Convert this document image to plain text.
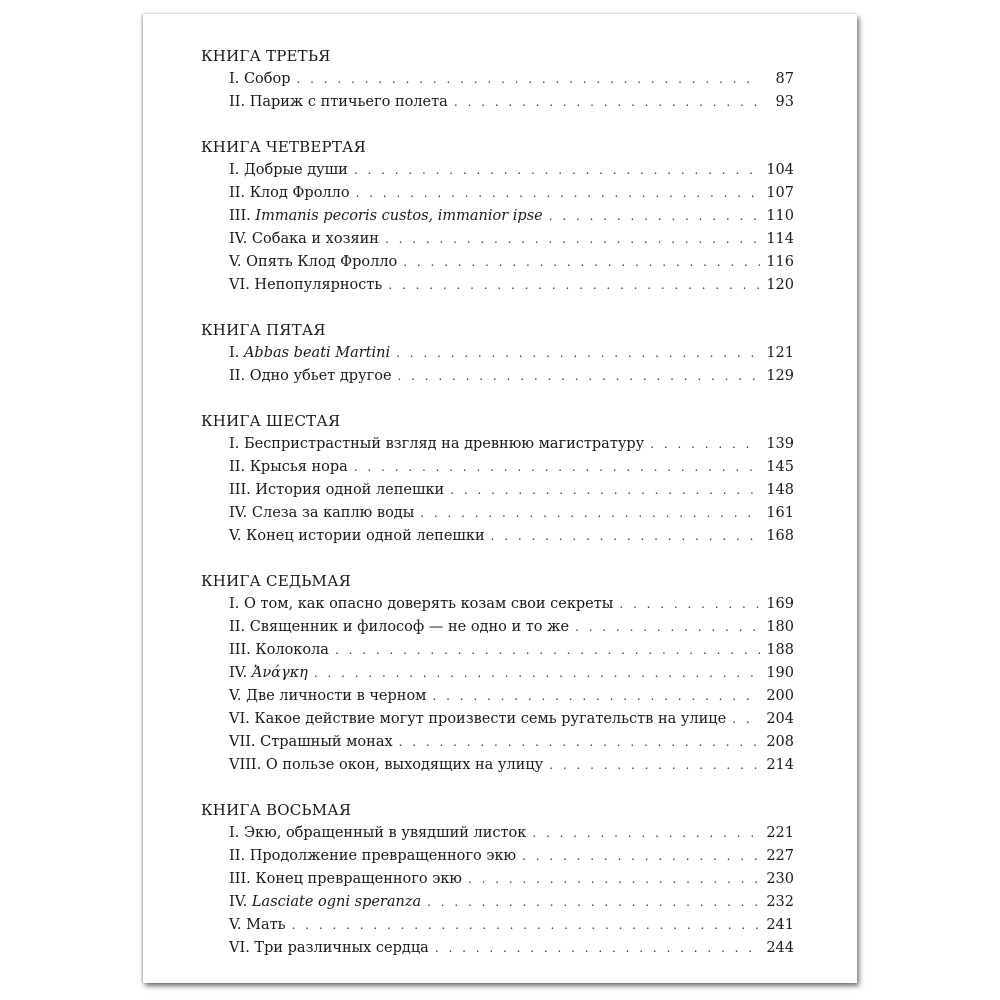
КНИГА ТРЕТЬЯ
I. Собор . . .	87
II. Париж с птичьего полета . . .	93
КНИГА ЧЕТВЕРТАЯ
I. Добрые души . . .	104
II. Клод Фролло . . .	107
III. Immanis pecoris custos, immanior ipse . . .	110
IV. Собака и хозяин . . .	114
V. Опять Клод Фролло . . .	116
VI. Непопулярность . . .	120
КНИГА ПЯТАЯ
I. Abbas beati Martini . . .	121
II. Одно убьет другое . . .	129
КНИГА ШЕСТАЯ
I. Беспристрастный взгляд на древнюю магистратуру . . .	139
II. Крысья нора . . .	145
III. История одной лепешки . . .	148
IV. Слеза за каплю воды . . .	161
V. Конец истории одной лепешки . . .	168
КНИГА СЕДЬМАЯ
I. О том, как опасно доверять козам свои секреты . . .	169
II. Священник и философ — не одно и то же . . .	180
III. Колокола . . .	188
IV. Ἀνάγκη . . .	190
V. Две личности в черном . . .	200
VI. Какое действие могут произвести семь ругательств на улице . . .	204
VII. Страшный монах . . .	208
VIII. О пользе окон, выходящих на улицу . . .	214
КНИГА ВОСЬМАЯ
I. Экю, обращенный в увядший листок . . .	221
II. Продолжение превращенного экю . . .	227
III. Конец превращенного экю . . .	230
IV. Lasciate ogni speranza . . .	232
V. Мать . . .	241
VI. Три различных сердца . . .	244
